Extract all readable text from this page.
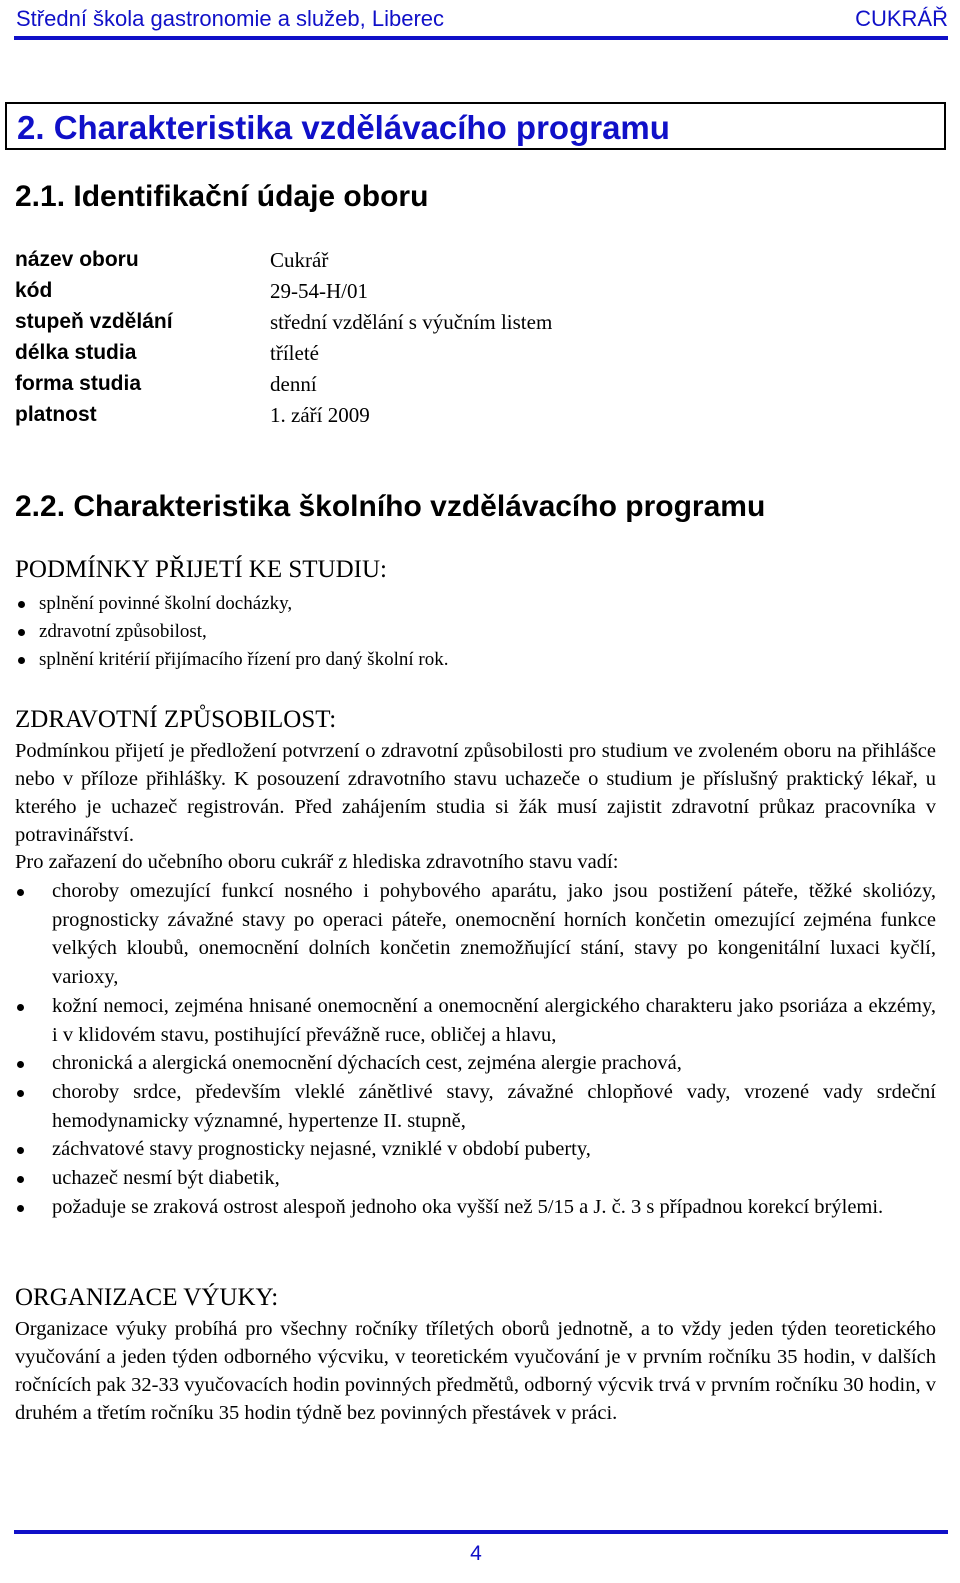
Střední škola gastronomie a služeb, Liberec	CUKRÁŘ
2. Charakteristika vzdělávacího programu
2.1. Identifikační údaje oboru
název oboru	Cukrář
kód	29-54-H/01
stupeň vzdělání	střední vzdělání s výučním listem
délka studia	tříleté
forma studia	denní
platnost	1. září 2009
2.2. Charakteristika školního vzdělávacího programu
PODMÍNKY PŘIJETÍ KE STUDIU:
splnění povinné školní docházky,
zdravotní způsobilost,
splnění kritérií přijímacího řízení pro daný školní rok.
ZDRAVOTNÍ ZPŮSOBILOST:

Podmínkou přijetí je předložení potvrzení o zdravotní způsobilosti pro studium ve zvoleném oboru na přihlášce nebo v příloze přihlášky. K posouzení zdravotního stavu uchazeče o studium je příslušný praktický lékař, u kterého je uchazeč registrován. Před zahájením studia si žák musí zajistit zdravotní průkaz pracovníka v potravinářství.

Pro zařazení do učebního oboru cukrář z hlediska zdravotního stavu vadí:

choroby omezující funkcí nosného i pohybového aparátu, jako jsou postižení páteře, těžké skoliózy, prognosticky závažné stavy po operaci páteře, onemocnění horních končetin omezující zejména funkce velkých kloubů, onemocnění dolních končetin znemožňující stání, stavy po kongenitální luxaci kyčlí, varioxy,
kožní nemoci, zejména hnisané onemocnění a onemocnění alergického charakteru jako psoriáza a ekzémy, i v klidovém stavu, postihující převážně ruce, obličej a hlavu,
chronická a alergická onemocnění dýchacích cest, zejména alergie prachová,
choroby srdce, především vleklé zánětlivé stavy, závažné chlopňové vady, vrozené vady srdeční hemodynamicky významné, hypertenze II. stupně,
záchvatové stavy prognosticky nejasné, vzniklé v období puberty,
uchazeč nesmí být diabetik,
požaduje se zraková ostrost alespoň jednoho oka vyšší než 5/15 a J. č. 3 s případnou korekcí brýlemi.
ORGANIZACE VÝUKY:

Organizace výuky probíhá pro všechny ročníky tříletých oborů jednotně, a to vždy jeden týden teoretického vyučování a jeden týden odborného výcviku, v teoretickém vyučování je v prvním ročníku 35 hodin, v dalších ročnících pak 32-33 vyučovacích hodin povinných předmětů, odborný výcvik trvá v prvním ročníku 30 hodin, v druhém a třetím ročníku 35 hodin týdně bez povinných přestávek v práci.

4
